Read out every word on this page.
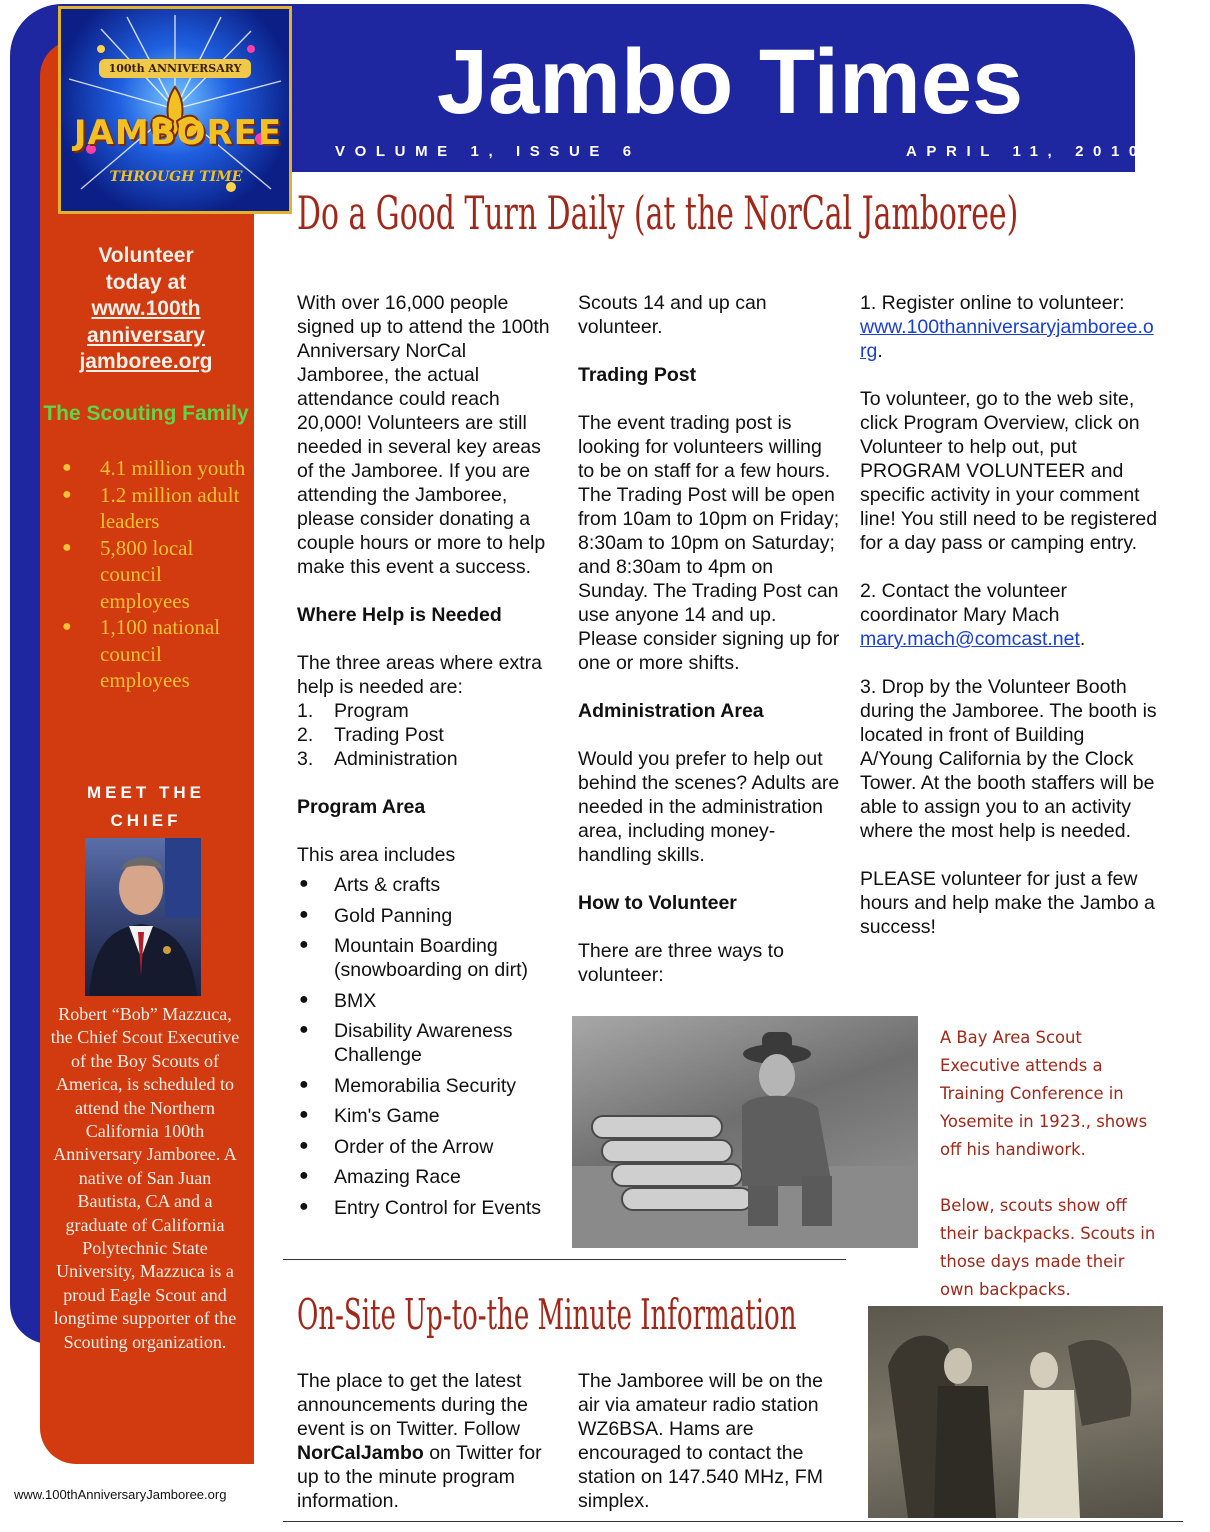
100th ANNIVERSARY
JAMBOREE
THROUGH TIME
Volunteer
today at
www.100th
anniversary
jamboree.org
The Scouting Family
● 4.1 million youth
● 1.2 million adult leaders
● 5,800 local council employees
● 1,100 national council employees
MEET THE
CHIEF
Robert “Bob” Mazzuca, the Chief Scout Executive of the Boy Scouts of America, is scheduled to attend the Northern California 100th Anniversary Jamboree. A native of San Juan Bautista, CA and a graduate of California Polytechnic State University, Mazzuca is a proud Eagle Scout and longtime supporter of the Scouting organization.
www.100thAnniversaryJamboree.org
Jambo Times
VOLUME 1, ISSUE 6	APRIL 11, 2010
Do a Good Turn Daily (at the NorCal Jamboree)

With over 16,000 people signed up to attend the 100th Anniversary NorCal Jamboree, the actual attendance could reach 20,000! Volunteers are still needed in several key areas of the Jamboree. If you are attending the Jamboree, please consider donating a couple hours or more to help make this event a success.

Where Help is Needed

The three areas where extra help is needed are:
1. Program
2. Trading Post
3. Administration

Program Area

This area includes
● Arts & crafts
● Gold Panning
● Mountain Boarding (snowboarding on dirt)
● BMX
● Disability Awareness Challenge
● Memorabilia Security
● Kim's Game
● Order of the Arrow
● Amazing Race
● Entry Control for Events

Scouts 14 and up can volunteer.

Trading Post

The event trading post is looking for volunteers willing to be on staff for a few hours. The Trading Post will be open from 10am to 10pm on Friday; 8:30am to 10pm on Saturday; and 8:30am to 4pm on Sunday. The Trading Post can use anyone 14 and up. Please consider signing up for one or more shifts.

Administration Area

Would you prefer to help out behind the scenes? Adults are needed in the administration area, including money-handling skills.

How to Volunteer

There are three ways to volunteer:

1. Register online to volunteer:

www.100thanniversaryjamboree.org.

To volunteer, go to the web site, click Program Overview, click on Volunteer to help out, put PROGRAM VOLUNTEER and specific activity in your comment line! You still need to be registered for a day pass or camping entry.

2. Contact the volunteer coordinator Mary Mach

mary.mach@comcast.net.

3. Drop by the Volunteer Booth during the Jamboree. The booth is located in front of Building A/Young California by the Clock Tower. At the booth staffers will be able to assign you to an activity where the most help is needed.

PLEASE volunteer for just a few hours and help make the Jambo a success!

A Bay Area Scout Executive attends a Training Conference in Yosemite in 1923., shows off his handiwork.

Below, scouts show off their backpacks. Scouts in those days made their own backpacks.

On-Site Up-to-the Minute Information
The place to get the latest announcements during the event is on Twitter. Follow NorCalJambo on Twitter for up to the minute program information.
The Jamboree will be on the air via amateur radio station WZ6BSA. Hams are encouraged to contact the station on 147.540 MHz, FM simplex.
